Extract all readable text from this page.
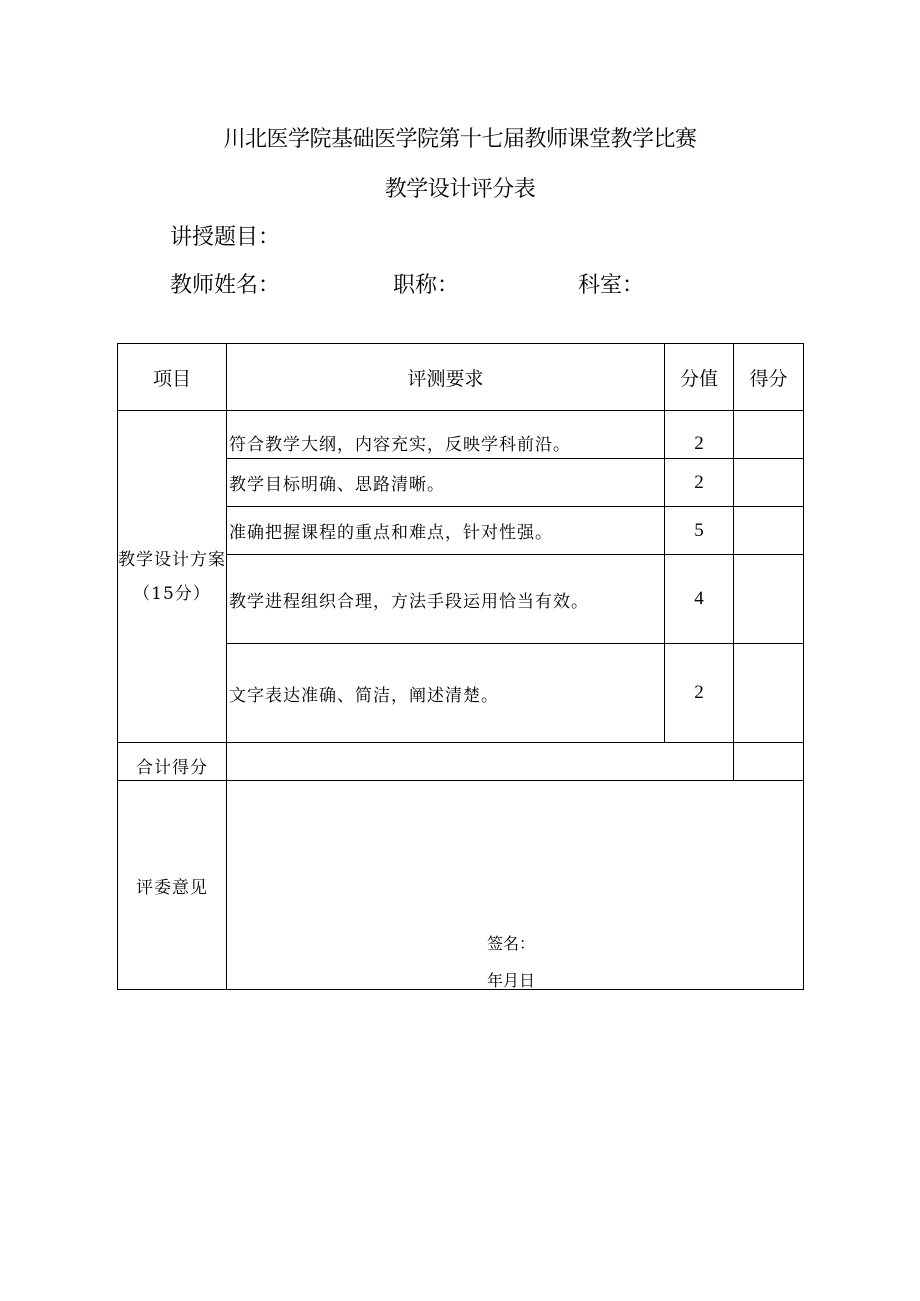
川北医学院基础医学院第十七届教师课堂教学比赛
教学设计评分表
讲授题目：
教师姓名：	职称：	科室：
项目	评测要求	分值	得分
教学设计方案（15分）	符合教学大纲，内容充实，反映学科前沿。	2	
	教学目标明确、思路清晰。	2	
	准确把握课程的重点和难点，针对性强。	5	
	教学进程组织合理，方法手段运用恰当有效。	4	
	文字表达准确、简洁，阐述清楚。	2	
合计得分			
评委意见	签名：
年月日		
